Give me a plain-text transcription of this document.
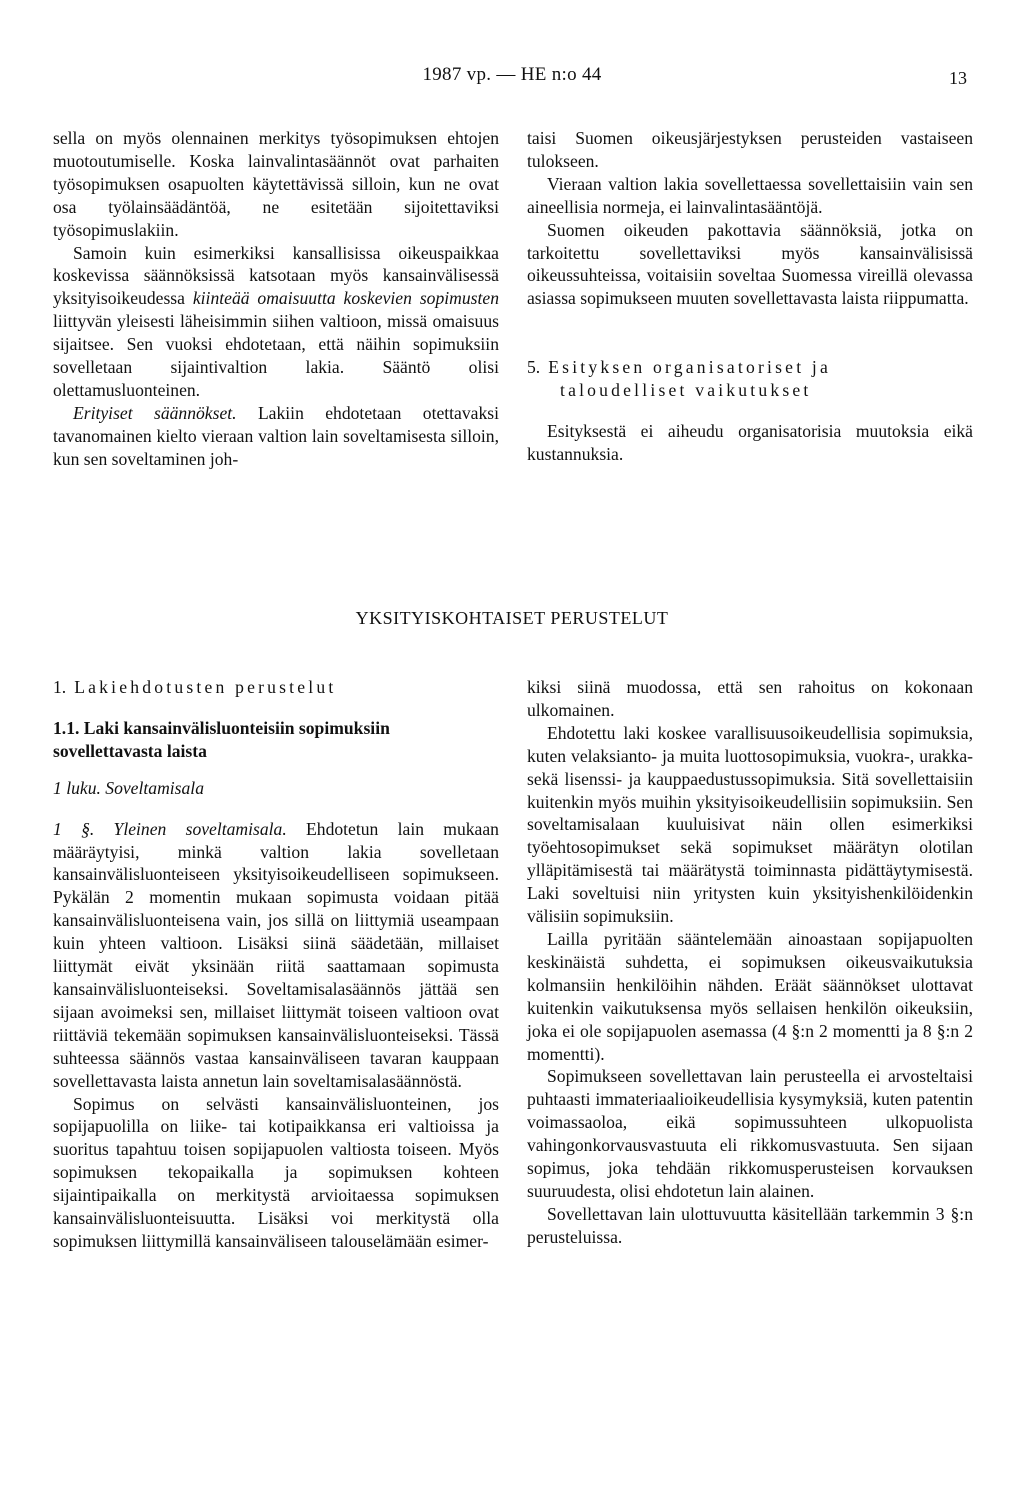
1987 vp. — HE n:o 44	13

sella on myös olennainen merkitys työsopimuksen ehtojen muotoutumiselle. Koska lainvalintasäännöt ovat parhaiten työsopimuksen osapuolten käytettävissä silloin, kun ne ovat osa työlainsäädäntöä, ne esitetään sijoitettaviksi työsopimuslakiin.

Samoin kuin esimerkiksi kansallisissa oikeuspaikkaa koskevissa säännöksissä katsotaan myös kansainvälisessä yksityisoikeudessa kiinteää omaisuutta koskevien sopimusten liittyvän yleisesti läheisimmin siihen valtioon, missä omaisuus sijaitsee. Sen vuoksi ehdotetaan, että näihin sopimuksiin sovelletaan sijaintivaltion lakia. Sääntö olisi olettamusluonteinen.

Erityiset säännökset. Lakiin ehdotetaan otettavaksi tavanomainen kielto vieraan valtion lain soveltamisesta silloin, kun sen soveltaminen joh-

taisi Suomen oikeusjärjestyksen perusteiden vastaiseen tulokseen.

Vieraan valtion lakia sovellettaessa sovellettaisiin vain sen aineellisia normeja, ei lainvalintasääntöjä.

Suomen oikeuden pakottavia säännöksiä, jotka on tarkoitettu sovellettaviksi myös kansainvälisissä oikeussuhteissa, voitaisiin soveltaa Suomessa vireillä olevassa asiassa sopimukseen muuten sovellettavasta laista riippumatta.

5. Esityksen organisatoriset ja

taloudelliset vaikutukset

Esityksestä ei aiheudu organisatorisia muutoksia eikä kustannuksia.

YKSITYISKOHTAISET PERUSTELUT

1. Lakiehdotusten perustelut

1.1. Laki kansainvälisluonteisiin sopimuksiin sovellettavasta laista

1 luku. Soveltamisala

1 §. Yleinen soveltamisala. Ehdotetun lain mukaan määräytyisi, minkä valtion lakia sovelletaan kansainvälisluonteiseen yksityisoikeudelliseen sopimukseen. Pykälän 2 momentin mukaan sopimusta voidaan pitää kansainvälisluonteisena vain, jos sillä on liittymiä useampaan kuin yhteen valtioon. Lisäksi siinä säädetään, millaiset liittymät eivät yksinään riitä saattamaan sopimusta kansainvälisluonteiseksi. Soveltamisalasäännös jättää sen sijaan avoimeksi sen, millaiset liittymät toiseen valtioon ovat riittäviä tekemään sopimuksen kansainvälisluonteiseksi. Tässä suhteessa säännös vastaa kansainväliseen tavaran kauppaan sovellettavasta laista annetun lain soveltamisalasäännöstä.

Sopimus on selvästi kansainvälisluonteinen, jos sopijapuolilla on liike- tai kotipaikkansa eri valtioissa ja suoritus tapahtuu toisen sopijapuolen valtiosta toiseen. Myös sopimuksen tekopaikalla ja sopimuksen kohteen sijaintipaikalla on merkitystä arvioitaessa sopimuksen kansainvälisluonteisuutta. Lisäksi voi merkitystä olla sopimuksen liittymillä kansainväliseen talouselämään esimer-

kiksi siinä muodossa, että sen rahoitus on kokonaan ulkomainen.

Ehdotettu laki koskee varallisuusoikeudellisia sopimuksia, kuten velaksianto- ja muita luottosopimuksia, vuokra-, urakka- sekä lisenssi- ja kauppaedustussopimuksia. Sitä sovellettaisiin kuitenkin myös muihin yksityisoikeudellisiin sopimuksiin. Sen soveltamisalaan kuuluisivat näin ollen esimerkiksi työehtosopimukset sekä sopimukset määrätyn olotilan ylläpitämisestä tai määrätystä toiminnasta pidättäytymisestä. Laki soveltuisi niin yritysten kuin yksityishenkilöidenkin välisiin sopimuksiin.

Lailla pyritään sääntelemään ainoastaan sopijapuolten keskinäistä suhdetta, ei sopimuksen oikeusvaikutuksia kolmansiin henkilöihin nähden. Eräät säännökset ulottavat kuitenkin vaikutuksensa myös sellaisen henkilön oikeuksiin, joka ei ole sopijapuolen asemassa (4 §:n 2 momentti ja 8 §:n 2 momentti).

Sopimukseen sovellettavan lain perusteella ei arvosteltaisi puhtaasti immateriaalioikeudellisia kysymyksiä, kuten patentin voimassaoloa, eikä sopimussuhteen ulkopuolista vahingonkorvausvastuuta eli rikkomusvastuuta. Sen sijaan sopimus, joka tehdään rikkomusperusteisen korvauksen suuruudesta, olisi ehdotetun lain alainen.

Sovellettavan lain ulottuvuutta käsitellään tarkemmin 3 §:n perusteluissa.
